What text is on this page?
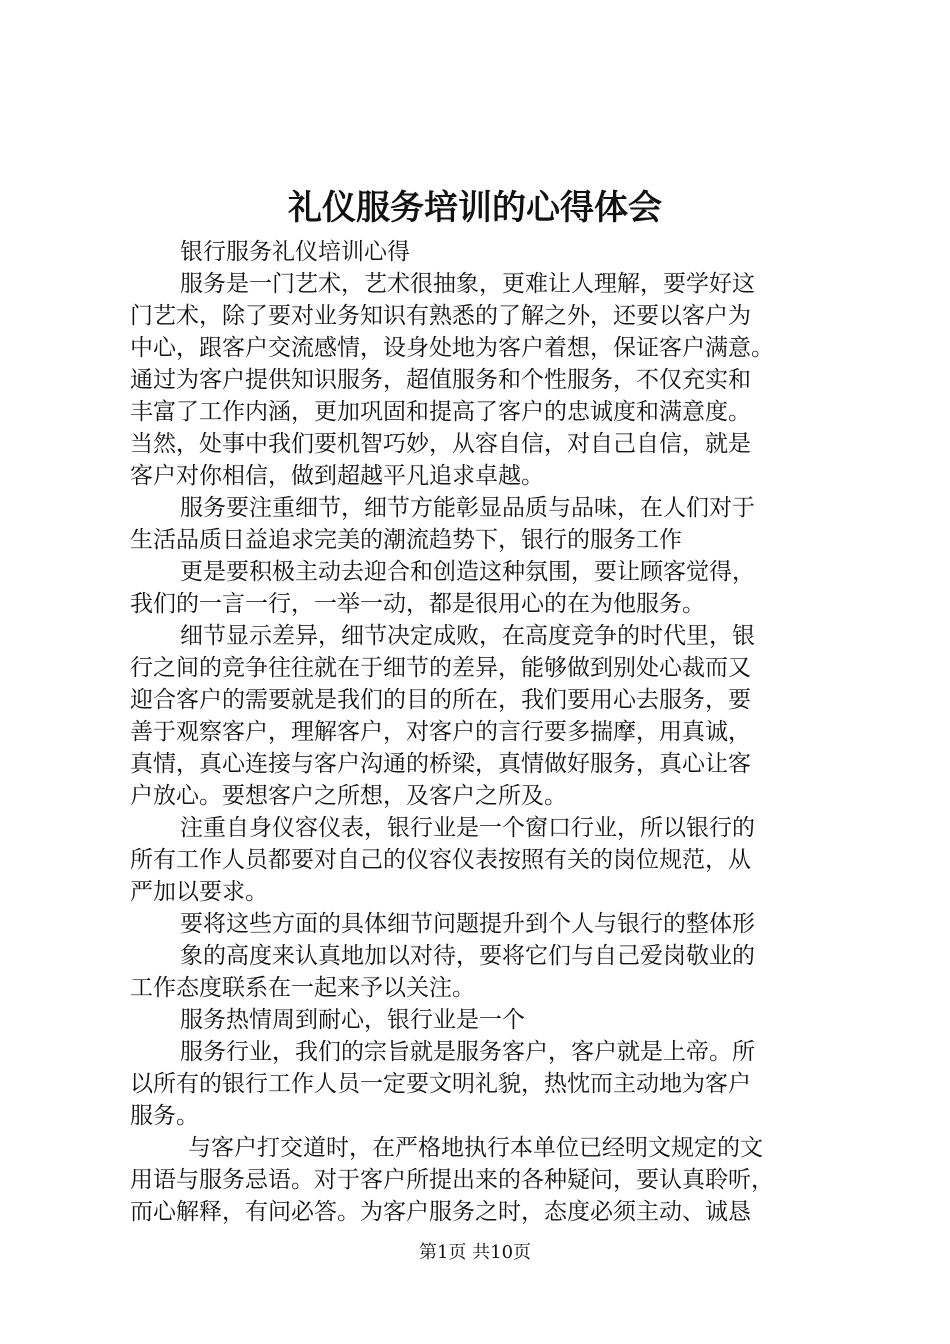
礼仪服务培训的心得体会
银行服务礼仪培训心得
服务是一门艺术，艺术很抽象，更难让人理解，要学好这
门艺术，除了要对业务知识有熟悉的了解之外，还要以客户为
中心，跟客户交流感情，设身处地为客户着想，保证客户满意。
通过为客户提供知识服务，超值服务和个性服务，不仅充实和
丰富了工作内涵，更加巩固和提高了客户的忠诚度和满意度。
当然，处事中我们要机智巧妙，从容自信，对自己自信，就是
客户对你相信，做到超越平凡追求卓越。
服务要注重细节，细节方能彰显品质与品味，在人们对于
生活品质日益追求完美的潮流趋势下，银行的服务工作
更是要积极主动去迎合和创造这种氛围，要让顾客觉得，
我们的一言一行，一举一动，都是很用心的在为他服务。
细节显示差异，细节决定成败，在高度竞争的时代里，银
行之间的竞争往往就在于细节的差异，能够做到别处心裁而又
迎合客户的需要就是我们的目的所在，我们要用心去服务，要
善于观察客户，理解客户，对客户的言行要多揣摩，用真诚，
真情，真心连接与客户沟通的桥梁，真情做好服务，真心让客
户放心。要想客户之所想，及客户之所及。
注重自身仪容仪表，银行业是一个窗口行业，所以银行的
所有工作人员都要对自己的仪容仪表按照有关的岗位规范，从
严加以要求。
要将这些方面的具体细节问题提升到个人与银行的整体形
象的高度来认真地加以对待，要将它们与自己爱岗敬业的
工作态度联系在一起来予以关注。
服务热情周到耐心，银行业是一个
服务行业，我们的宗旨就是服务客户，客户就是上帝。所
以所有的银行工作人员一定要文明礼貌，热忱而主动地为客户
服务。
与客户打交道时，在严格地执行本单位已经明文规定的文
用语与服务忌语。对于客户所提出来的各种疑问，要认真聆听，
而心解释，有问必答。为客户服务之时，态度必须主动、诚恳
第1页 共10页
